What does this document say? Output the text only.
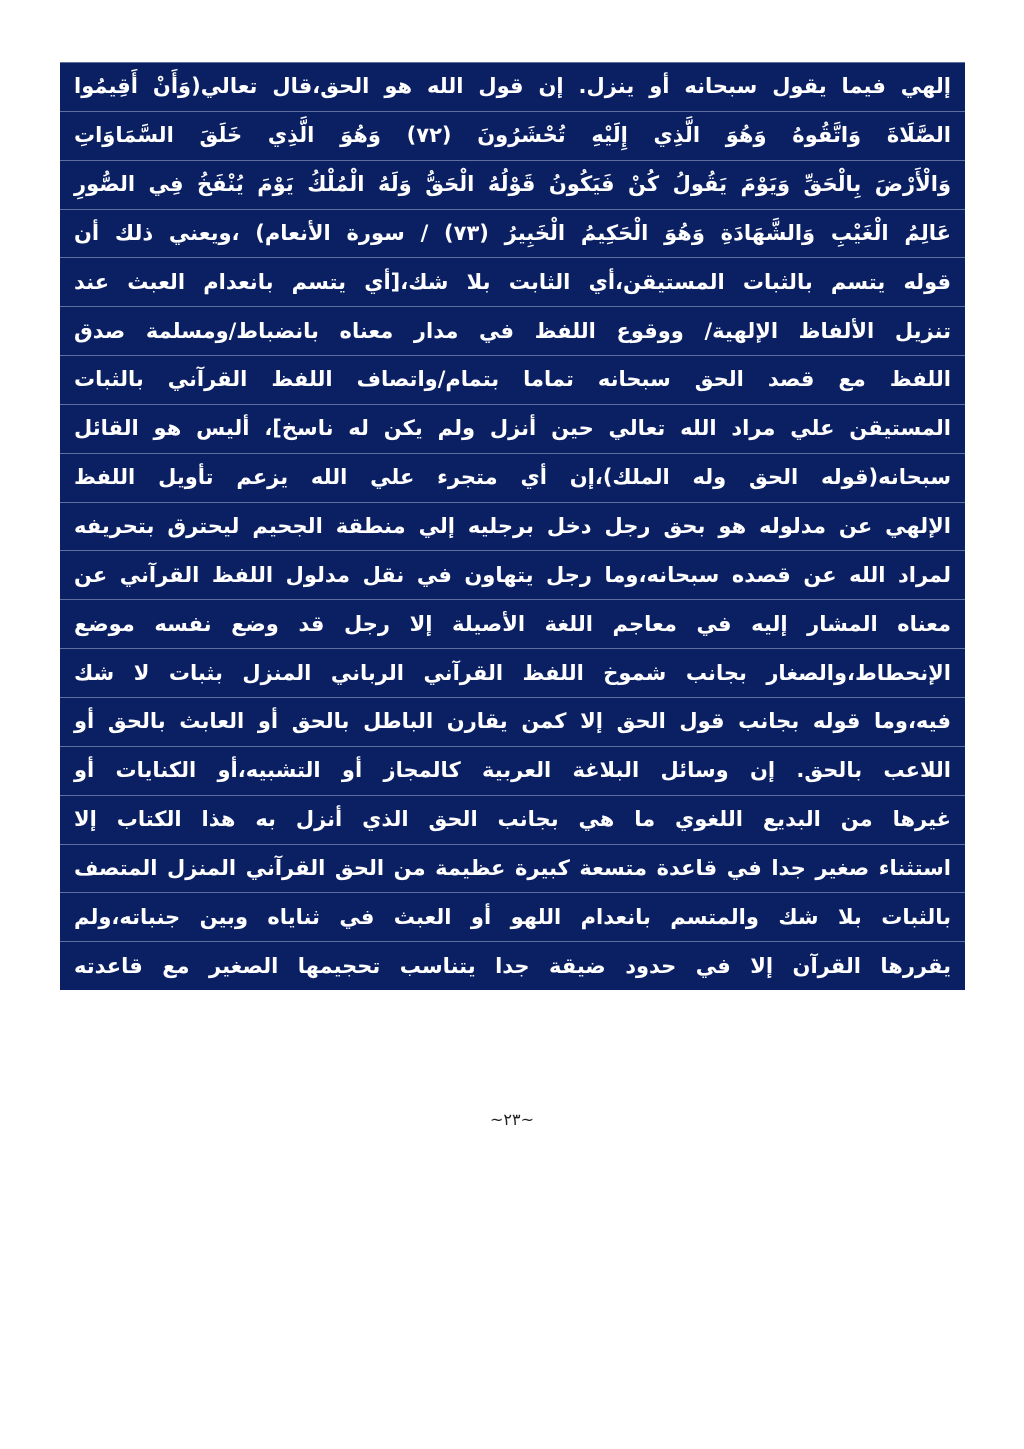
إلهي فيما يقول سبحانه أو ينزل. إن قول الله هو الحق،قال تعالي(وَأَنْ أَقِيمُوا
الصَّلَاةَ وَاتَّقُوهُ وَهُوَ الَّذِي إِلَيْهِ تُحْشَرُونَ (٧٢) وَهُوَ الَّذِي خَلَقَ السَّمَاوَاتِ
وَالْأَرْضَ بِالْحَقِّ وَيَوْمَ يَقُولُ كُنْ فَيَكُونُ قَوْلُهُ الْحَقُّ وَلَهُ الْمُلْكُ يَوْمَ يُنْفَخُ فِي الصُّورِ
عَالِمُ الْغَيْبِ وَالشَّهَادَةِ وَهُوَ الْحَكِيمُ الْخَبِيرُ (٧٣) / سورة الأنعام) ،ويعني ذلك أن
قوله يتسم بالثبات المستيقن،أي الثابت بلا شك،[أي يتسم بانعدام العبث عند
تنزيل الألفاظ الإلهية/ ووقوع اللفظ في مدار معناه بانضباط/ومسلمة صدق
اللفظ مع قصد الحق سبحانه تماما بتمام/واتصاف اللفظ القرآني بالثبات
المستيقن علي مراد الله تعالي حين أنزل ولم يكن له ناسخ]، أليس هو القائل
سبحانه(قوله الحق وله الملك)،إن أي متجرء علي الله يزعم تأويل اللفظ
الإلهي عن مدلوله هو بحق رجل دخل برجليه إلي منطقة الجحيم ليحترق بتحريفه
لمراد الله عن قصده سبحانه،وما رجل يتهاون في نقل مدلول اللفظ القرآني عن
معناه المشار إليه في معاجم اللغة الأصيلة إلا رجل قد وضع نفسه موضع
الإنحطاط،والصغار بجانب شموخ اللفظ القرآني الرباني المنزل بثبات لا شك
فيه،وما قوله بجانب قول الحق إلا كمن يقارن الباطل بالحق أو العابث بالحق أو
اللاعب بالحق. إن وسائل البلاغة العربية كالمجاز أو التشبيه،أو الكنايات أو
غيرها من البديع اللغوي ما هي بجانب الحق الذي أنزل به هذا الكتاب إلا
استثناء صغير جدا في قاعدة متسعة كبيرة عظيمة من الحق القرآني المنزل المتصف
بالثبات بلا شك والمتسم بانعدام اللهو أو العبث في ثناياه وبين جنباته،ولم
يقررها القرآن إلا في حدود ضيقة جدا يتناسب تحجيمها الصغير مع قاعدته
~٢٣~
